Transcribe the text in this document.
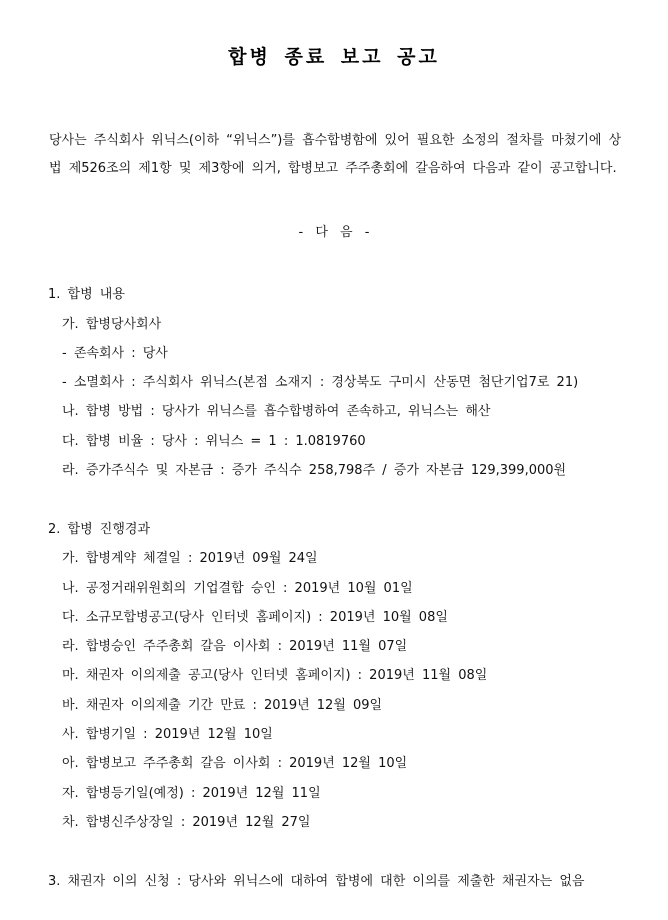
합병 종료 보고 공고

당사는 주식회사 위닉스(이하 “위닉스”)를 흡수합병함에 있어 필요한 소정의 절차를 마쳤기에 상

법 제526조의 제1항 및 제3항에 의거, 합병보고 주주총회에 갈음하여 다음과 같이 공고합니다.

- 다 음 -
1. 합병 내용
가. 합병당사회사
- 존속회사 : 당사
- 소멸회사 : 주식회사 위닉스(본점 소재지 : 경상북도 구미시 산동면 첨단기업7로 21)
나. 합병 방법 : 당사가 위닉스를 흡수합병하여 존속하고, 위닉스는 해산
다. 합병 비율 : 당사 : 위닉스 = 1 : 1.0819760
라. 증가주식수 및 자본금 : 증가 주식수 258,798주 / 증가 자본금 129,399,000원
2. 합병 진행경과
가. 합병계약 체결일 : 2019년 09월 24일
나. 공정거래위원회의 기업결합 승인 : 2019년 10월 01일
다. 소규모합병공고(당사 인터넷 홈페이지) : 2019년 10월 08일
라. 합병승인 주주총회 갈음 이사회 : 2019년 11월 07일
마. 채권자 이의제출 공고(당사 인터넷 홈페이지) : 2019년 11월 08일
바. 채권자 이의제출 기간 만료 : 2019년 12월 09일
사. 합병기일 : 2019년 12월 10일
아. 합병보고 주주총회 갈음 이사회 : 2019년 12월 10일
자. 합병등기일(예정) : 2019년 12월 11일
차. 합병신주상장일 : 2019년 12월 27일
3. 채권자 이의 신청 : 당사와 위닉스에 대하여 합병에 대한 이의를 제출한 채권자는 없음
